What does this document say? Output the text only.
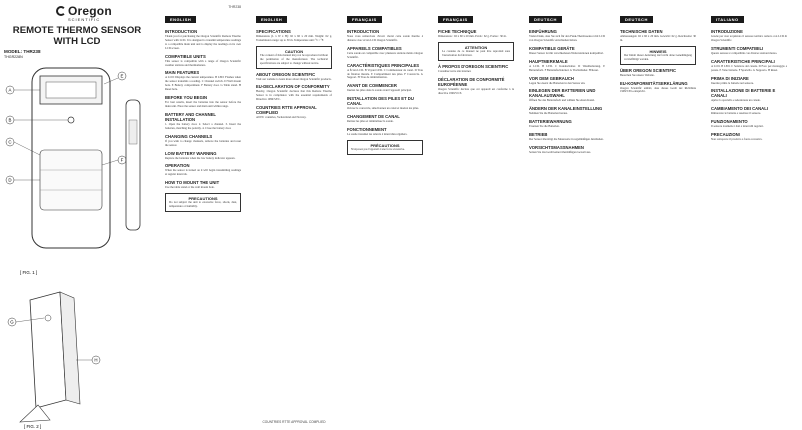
Oregon
SCIENTIFIC
REMOTE THERMO SENSOR
WITH LCD
MODEL: THR238
THGR228N
A
B
C
D
E
F
[ FIG. 1 ]
G
H
[ FIG. 2 ]
ENGLISH
THR238
INTRODUCTION
Thank you for purchasing the Oregon Scientific Remote Thermo Sensor with LCD. It is designed to transmit temperature readings to a compatible main unit and to display the readings on its own LCD screen.
COMPATIBLE UNITS
This sensor is compatible with a range of Oregon Scientific weather stations and thermometers.
MAIN FEATURES
A LCD: Displays the current temperature. B LED: Flashes when the sensor transmits a reading. C Channel switch. D Wall mount hole. E Battery compartment. F Battery door. G Table stand. H Reset hole.
BEFORE YOU BEGIN
For best results, insert the batteries into the sensor before the main unit. Place the sensor and main unit within range.
BATTERY AND CHANNEL INSTALLATION
1. Open the battery door. 2. Select a channel. 3. Insert the batteries, matching the polarity. 4. Close the battery door.
CHANGING CHANNELS
If you wish to change channels, remove the batteries and reset the sensor.
LOW BATTERY WARNING
Replace the batteries when the low battery indicator appears.
OPERATION
When the sensor is turned on it will begin transmitting readings at regular intervals.
HOW TO MOUNT THE UNIT
Use the table stand or the wall mount hole.
PRECAUTIONS
Do not subject the unit to excessive force, shock, dust, temperature or humidity.
ENGLISH
SPECIFICATIONS
Dimensions (L x W x H): 92 x 60 x 20 mm. Weight: 62 g. Transmission range: up to 30 m. Temperature unit: °C / °F.
CAUTION
The content of this manual may not be reproduced without the permission of the manufacturer. The technical specifications are subject to change without notice.
ABOUT OREGON SCIENTIFIC
Visit our website to learn more about Oregon Scientific products.
EU-DECLARATION OF CONFORMITY
Hereby, Oregon Scientific declares that this Remote Thermo Sensor is in compliance with the essential requirements of Directive 1999/5/EC.
COUNTRIES RTTE APPROVAL COMPLIED
All EU countries, Switzerland and Norway.
COUNTRIES RTTE APPROVAL COMPLIED
FRANÇAIS
INTRODUCTION
Nous vous remercions d'avoir choisi cette sonde thermo à distance avec écran LCD Oregon Scientific.
APPAREILS COMPATIBLES
Cette sonde est compatible avec plusieurs stations météo Oregon Scientific.
CARACTÉRISTIQUES PRINCIPALES
A Écran LCD. B Voyant LED. C Commutateur de canal. D Trou de fixation murale. E Compartiment des piles. F Couvercle. G Support. H Trou de réinitialisation.
AVANT DE COMMENCER
Insérez les piles dans la sonde avant l'appareil principal.
INSTALLATION DES PILES ET DU CANAL
Ouvrez le couvercle, sélectionnez un canal et insérez les piles.
CHANGEMENT DE CANAL
Retirez les piles et réinitialisez la sonde.
FONCTIONNEMENT
La sonde transmet les relevés à intervalles réguliers.
PRÉCAUTIONS
N'exposez pas l'appareil à une force excessive.
FRANÇAIS
FICHE TECHNIQUE
Dimensions : 92 x 60 x 20 mm. Poids : 62 g. Portée : 30 m.
ATTENTION
Le contenu de ce manuel ne peut être reproduit sans l'autorisation du fabricant.
À PROPOS D'OREGON SCIENTIFIC
Consultez notre site internet.
DÉCLARATION DE CONFORMITÉ EUROPÉENNE
Oregon Scientific déclare que cet appareil est conforme à la directive 1999/5/CE.
DEUTSCH
EINFÜHRUNG
Vielen Dank, dass Sie sich für den Funk-Thermosensor mit LCD von Oregon Scientific entschieden haben.
KOMPATIBLE GERÄTE
Dieser Sensor ist mit verschiedenen Wetterstationen kompatibel.
HAUPTMERKMALE
A LCD. B LED. C Kanalschalter. D Wandhalterung. E Batteriefach. F Batteriefachdeckel. G Tischständer. H Reset.
VOR DEM GEBRAUCH
Legen Sie zuerst die Batterien in den Sensor ein.
EINLEGEN DER BATTERIEN UND KANALAUSWAHL
Öffnen Sie das Batteriefach und wählen Sie einen Kanal.
ÄNDERN DER KANALEINSTELLUNG
Nehmen Sie die Batterien heraus.
BATTERIEWARNUNG
Ersetzen Sie die Batterien.
BETRIEB
Der Sensor überträgt die Messwerte in regelmäßigen Abständen.
VORSICHTSMASSNAHMEN
Setzen Sie das Gerät keiner übermäßigen Gewalt aus.
DEUTSCH
TECHNISCHE DATEN
Abmessungen: 92 x 60 x 20 mm. Gewicht: 62 g. Reichweite: 30 m.
HINWEIS
Der Inhalt dieser Anleitung darf nicht ohne Genehmigung vervielfältigt werden.
ÜBER OREGON SCIENTIFIC
Besuchen Sie unsere Website.
EU-KONFORMITÄTSERKLÄRUNG
Oregon Scientific erklärt, dass dieses Gerät der Richtlinie 1999/5/EG entspricht.
ITALIANO
INTRODUZIONE
Grazie per aver acquistato il sensore termico remoto con LCD di Oregon Scientific.
STRUMENTI COMPATIBILI
Questo sensore è compatibile con diverse stazioni meteo.
CARATTERISTICHE PRINCIPALI
A LCD. B LED. C Selettore del canale. D Foro per montaggio a parete. E Vano batterie. F Sportello. G Supporto. H Reset.
PRIMA DI INIZIARE
Inserire prima le batterie nel sensore.
INSTALLAZIONE DI BATTERIE E CANALI
Aprire lo sportello e selezionare un canale.
CAMBIAMENTO DEI CANALI
Rimuovere le batterie e resettare il sensore.
FUNZIONAMENTO
Il sensore trasmette i dati a intervalli regolari.
PRECAUZIONI
Non sottoporre il prodotto a forza eccessiva.
